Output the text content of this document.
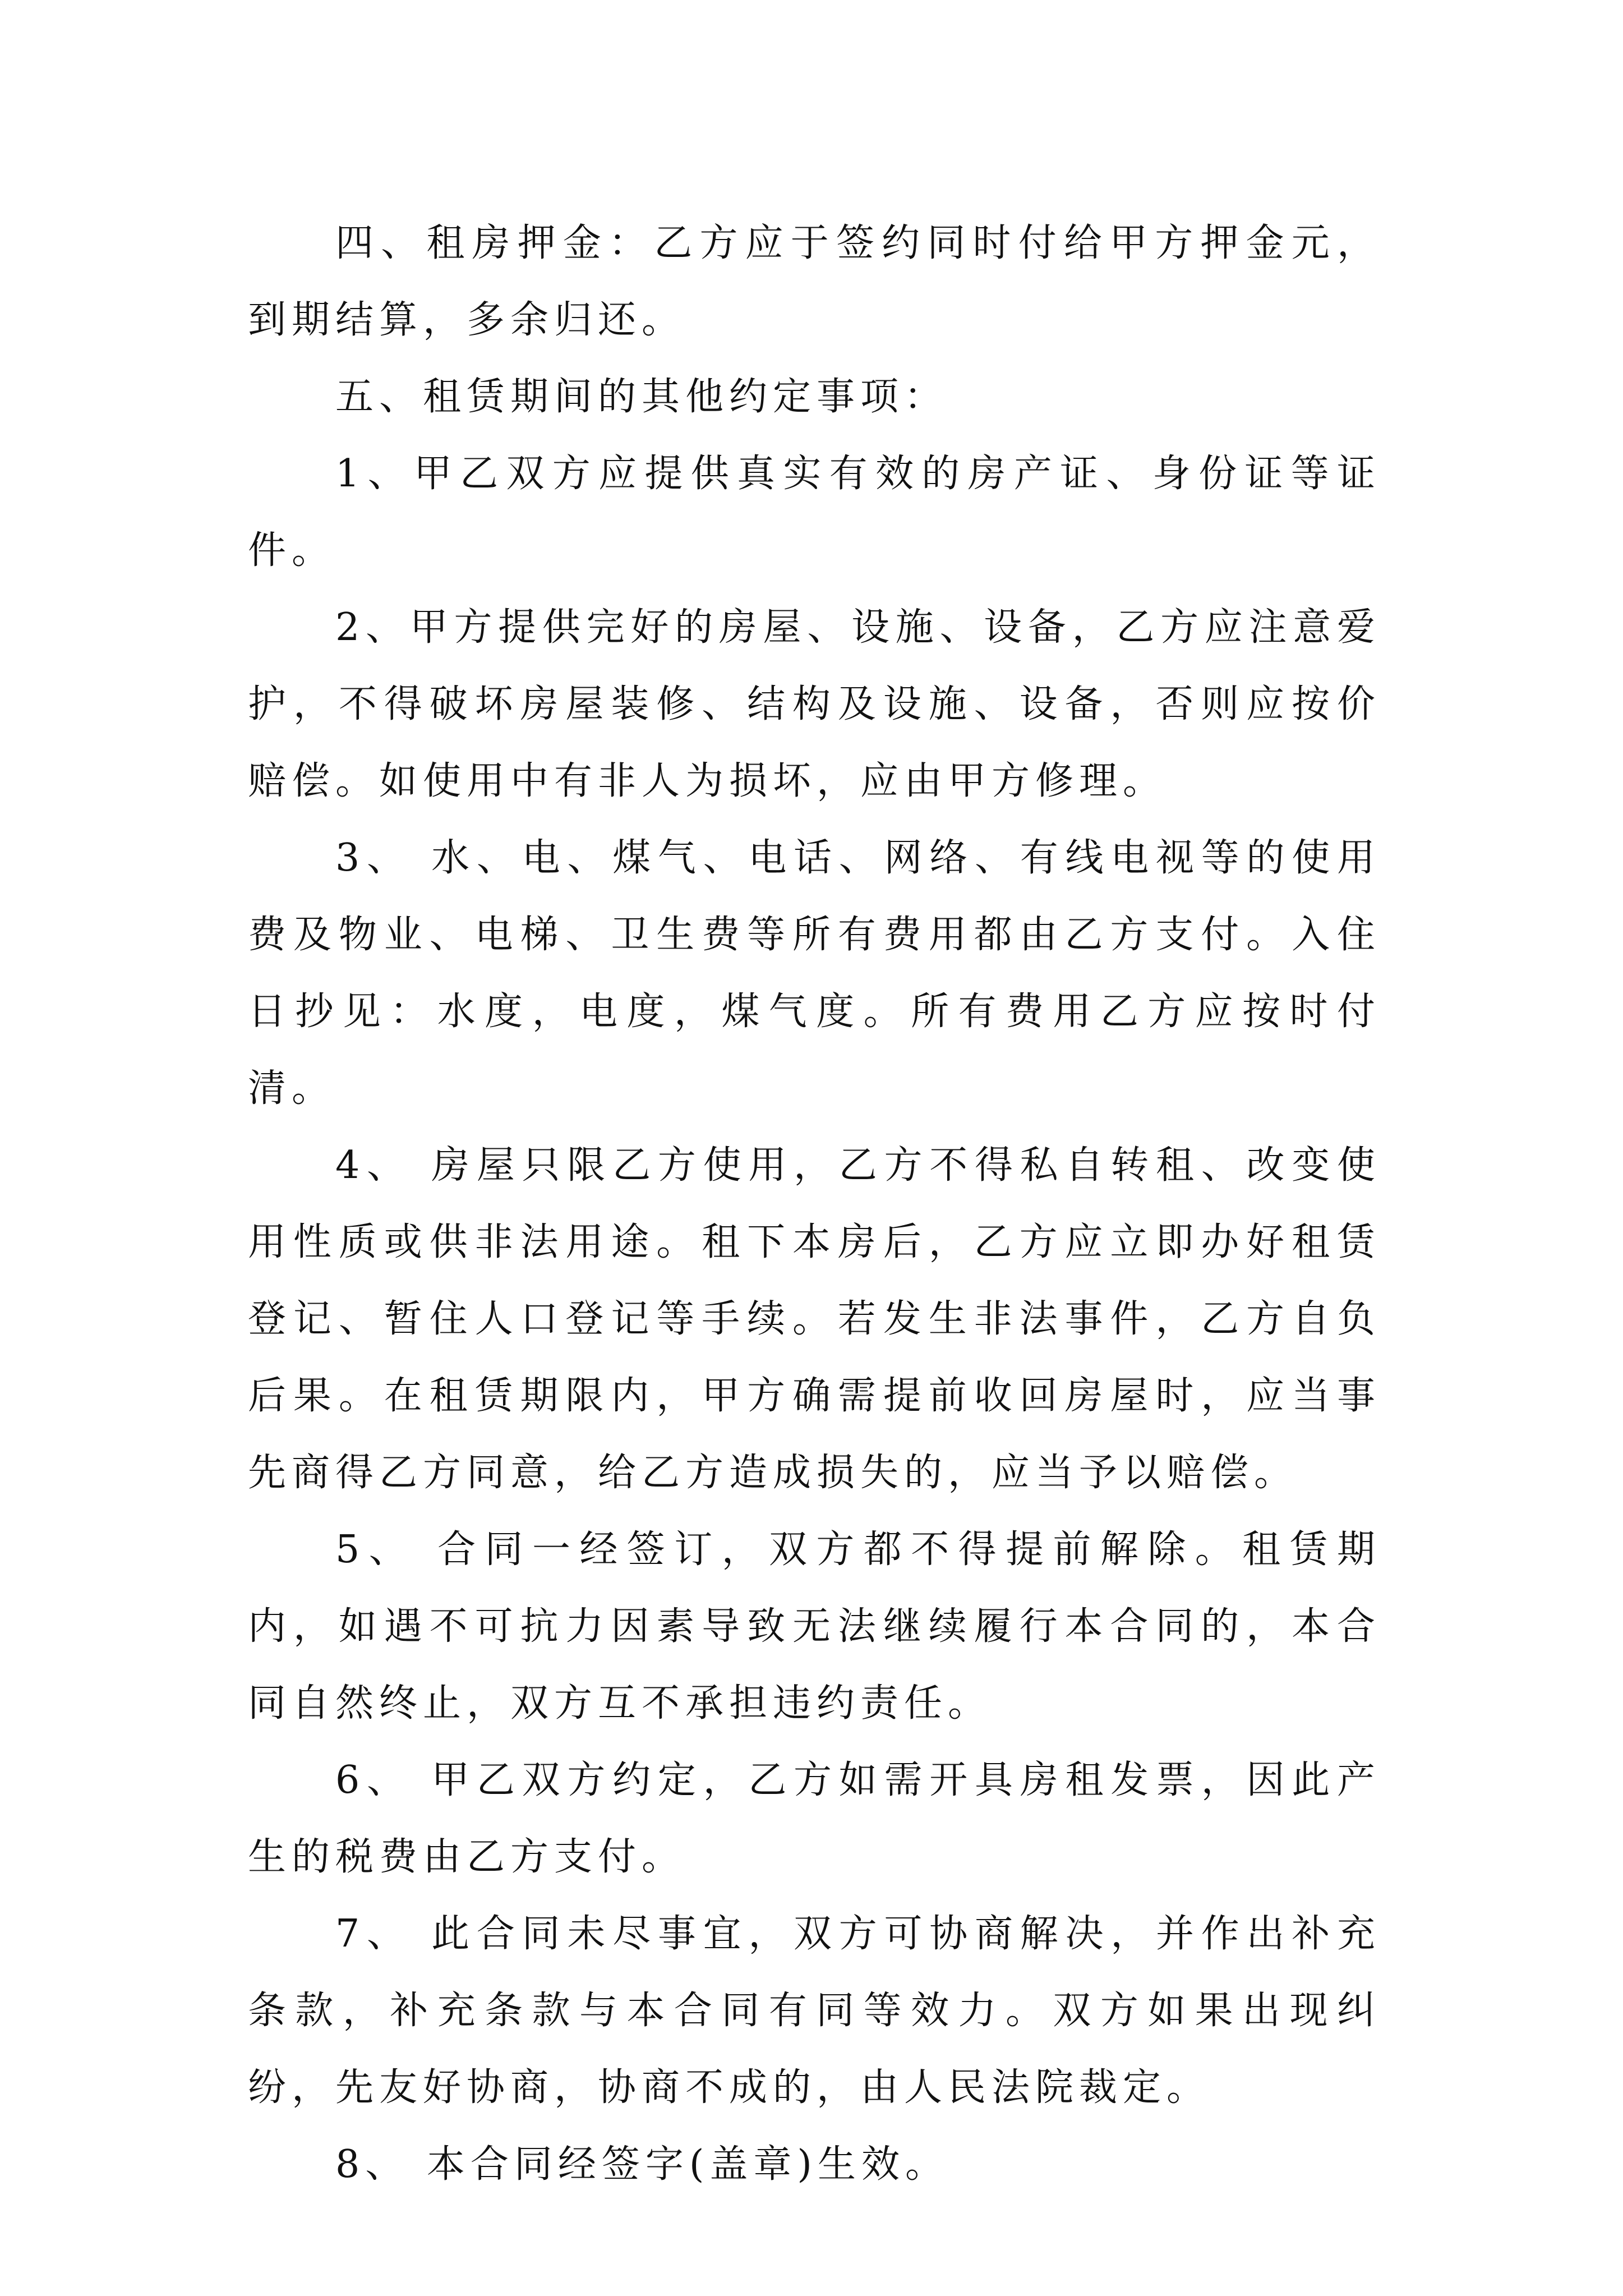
四、租房押金：乙方应于签约同时付给甲方押金元，到期结算，多余归还。

五、租赁期间的其他约定事项：

1、甲乙双方应提供真实有效的房产证、身份证等证件。

2、甲方提供完好的房屋、设施、设备，乙方应注意爱护，不得破坏房屋装修、结构及设施、设备，否则应按价赔偿。如使用中有非人为损坏，应由甲方修理。

3、 水、电、煤气、电话、网络、有线电视等的使用费及物业、电梯、卫生费等所有费用都由乙方支付。入住日抄见：水度，电度，煤气度。所有费用乙方应按时付清。

4、 房屋只限乙方使用，乙方不得私自转租、改变使用性质或供非法用途。租下本房后，乙方应立即办好租赁登记、暂住人口登记等手续。若发生非法事件，乙方自负后果。在租赁期限内，甲方确需提前收回房屋时，应当事先商得乙方同意，给乙方造成损失的，应当予以赔偿。

5、 合同一经签订，双方都不得提前解除。租赁期内，如遇不可抗力因素导致无法继续履行本合同的，本合同自然终止，双方互不承担违约责任。

6、 甲乙双方约定，乙方如需开具房租发票，因此产生的税费由乙方支付。

7、 此合同未尽事宜，双方可协商解决，并作出补充条款，补充条款与本合同有同等效力。双方如果出现纠纷，先友好协商，协商不成的，由人民法院裁定。

8、 本合同经签字(盖章)生效。
